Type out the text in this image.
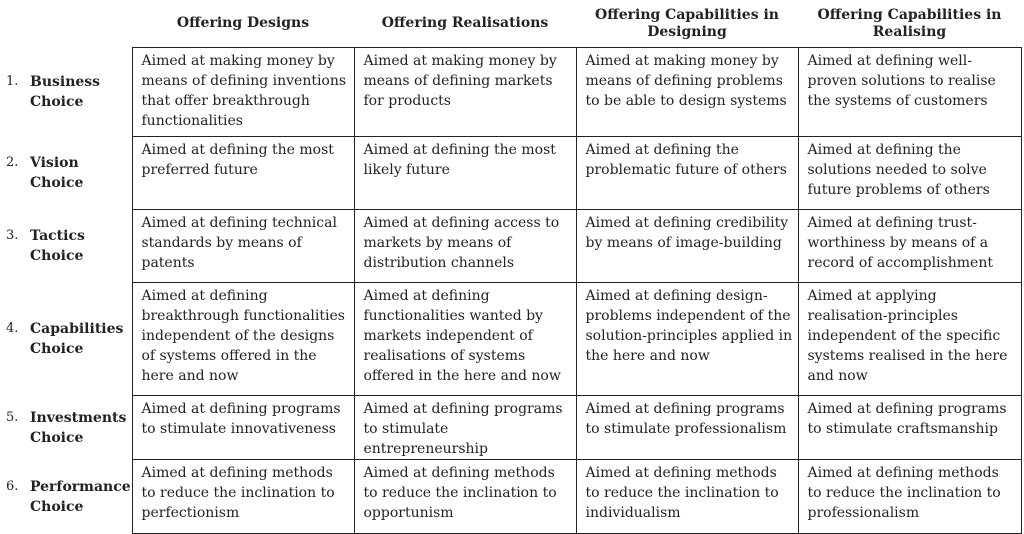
	Offering Designs	Offering Realisations	Offering Capabilities in Designing	Offering Capabilities in Realising

1. Business Choice	Aimed at making money by means of defining inventions that offer breakthrough functionalities	Aimed at making money by means of defining markets for products	Aimed at making money by means of defining problems to be able to design systems	Aimed at defining well-proven solutions to realise the systems of customers

2. Vision Choice	Aimed at defining the most preferred future	Aimed at defining the most likely future	Aimed at defining the problematic future of others	Aimed at defining the solutions needed to solve future problems of others

3. Tactics Choice	Aimed at defining technical standards by means of patents	Aimed at defining access to markets by means of distribution channels	Aimed at defining credibility by means of image-building	Aimed at defining trust-worthiness by means of a record of accomplishment

4. Capabilities Choice	Aimed at defining breakthrough functionalities independent of the designs of systems offered in the here and now	Aimed at defining functionalities wanted by markets independent of realisations of systems offered in the here and now	Aimed at defining design-problems independent of the solution-principles applied in the here and now	Aimed at applying realisation-principles independent of the specific systems realised in the here and now

5. Investments Choice	Aimed at defining programs to stimulate innovativeness	Aimed at defining programs to stimulate entrepreneurship	Aimed at defining programs to stimulate professionalism	Aimed at defining programs to stimulate craftsmanship

6. Performance Choice	Aimed at defining methods to reduce the inclination to perfectionism	Aimed at defining methods to reduce the inclination to opportunism	Aimed at defining methods to reduce the inclination to individualism	Aimed at defining methods to reduce the inclination to professionalism
